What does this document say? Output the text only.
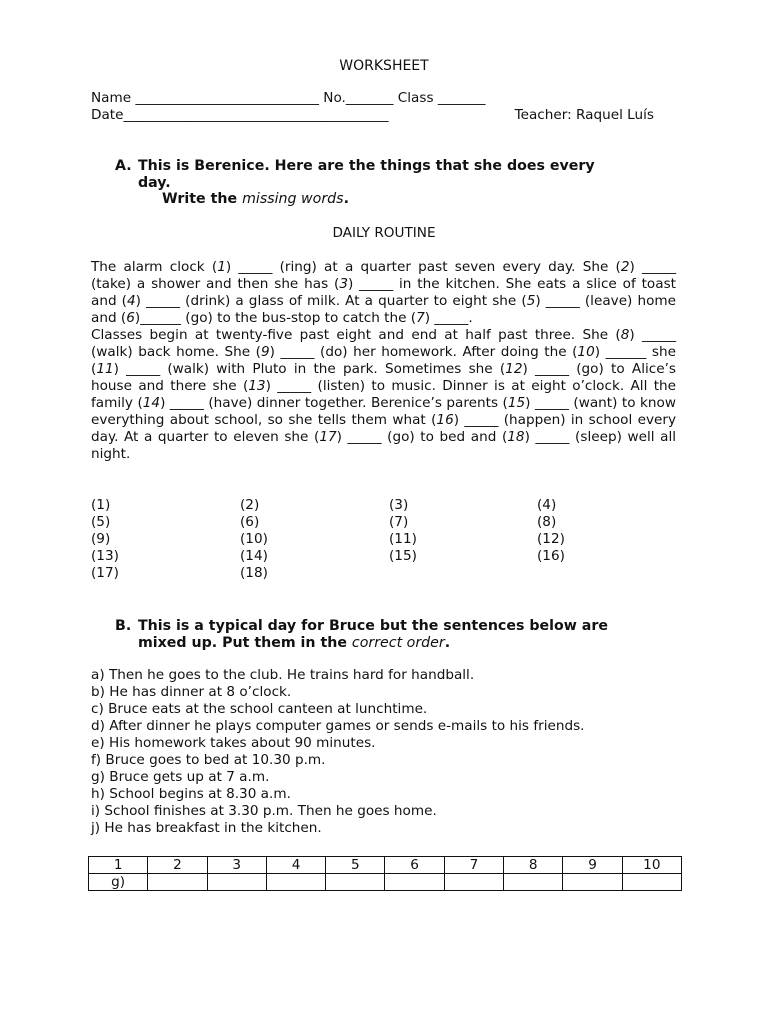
WORKSHEET
Name ___________________________ No._______ Class _______
Date_______________________________________	Teacher: Raquel Luís
A. This is Berenice. Here are the things that she does every
day.
Write the missing words.
DAILY ROUTINE
The alarm clock (1) _____ (ring) at a quarter past seven every day. She (2) _____ (take) a shower and then she has (3) _____ in the kitchen. She eats a slice of toast and (4) _____ (drink) a glass of milk. At a quarter to eight she (5) _____ (leave) home and (6)______ (go) to the bus-stop to catch the (7) _____.
Classes begin at twenty-five past eight and end at half past three. She (8) _____ (walk) back home. She (9) _____ (do) her homework. After doing the (10) ______ she (11) _____ (walk) with Pluto in the park. Sometimes she (12) _____ (go) to Alice’s house and there she (13) _____ (listen) to music. Dinner is at eight o’clock. All the family (14) _____ (have) dinner together. Berenice’s parents (15) _____ (want) to know everything about school, so she tells them what (16) _____ (happen) in school every day. At a quarter to eleven she (17) _____ (go) to bed and (18) _____ (sleep) well all night.
(1)	(2)	(3)	(4)
(5)	(6)	(7)	(8)
(9)	(10)	(11)	(12)
(13)	(14)	(15)	(16)
(17)	(18)
B. This is a typical day for Bruce but the sentences below are
mixed up. Put them in the correct order.
a) Then he goes to the club. He trains hard for handball.
b) He has dinner at 8 o’clock.
c) Bruce eats at the school canteen at lunchtime.
d) After dinner he plays computer games or sends e-mails to his friends.
e) His homework takes about 90 minutes.
f) Bruce goes to bed at 10.30 p.m.
g) Bruce gets up at 7 a.m.
h) School begins at 8.30 a.m.
i) School finishes at 3.30 p.m. Then he goes home.
j) He has breakfast in the kitchen.
1	2	3	4	5	6	7	8	9	10
g)									
